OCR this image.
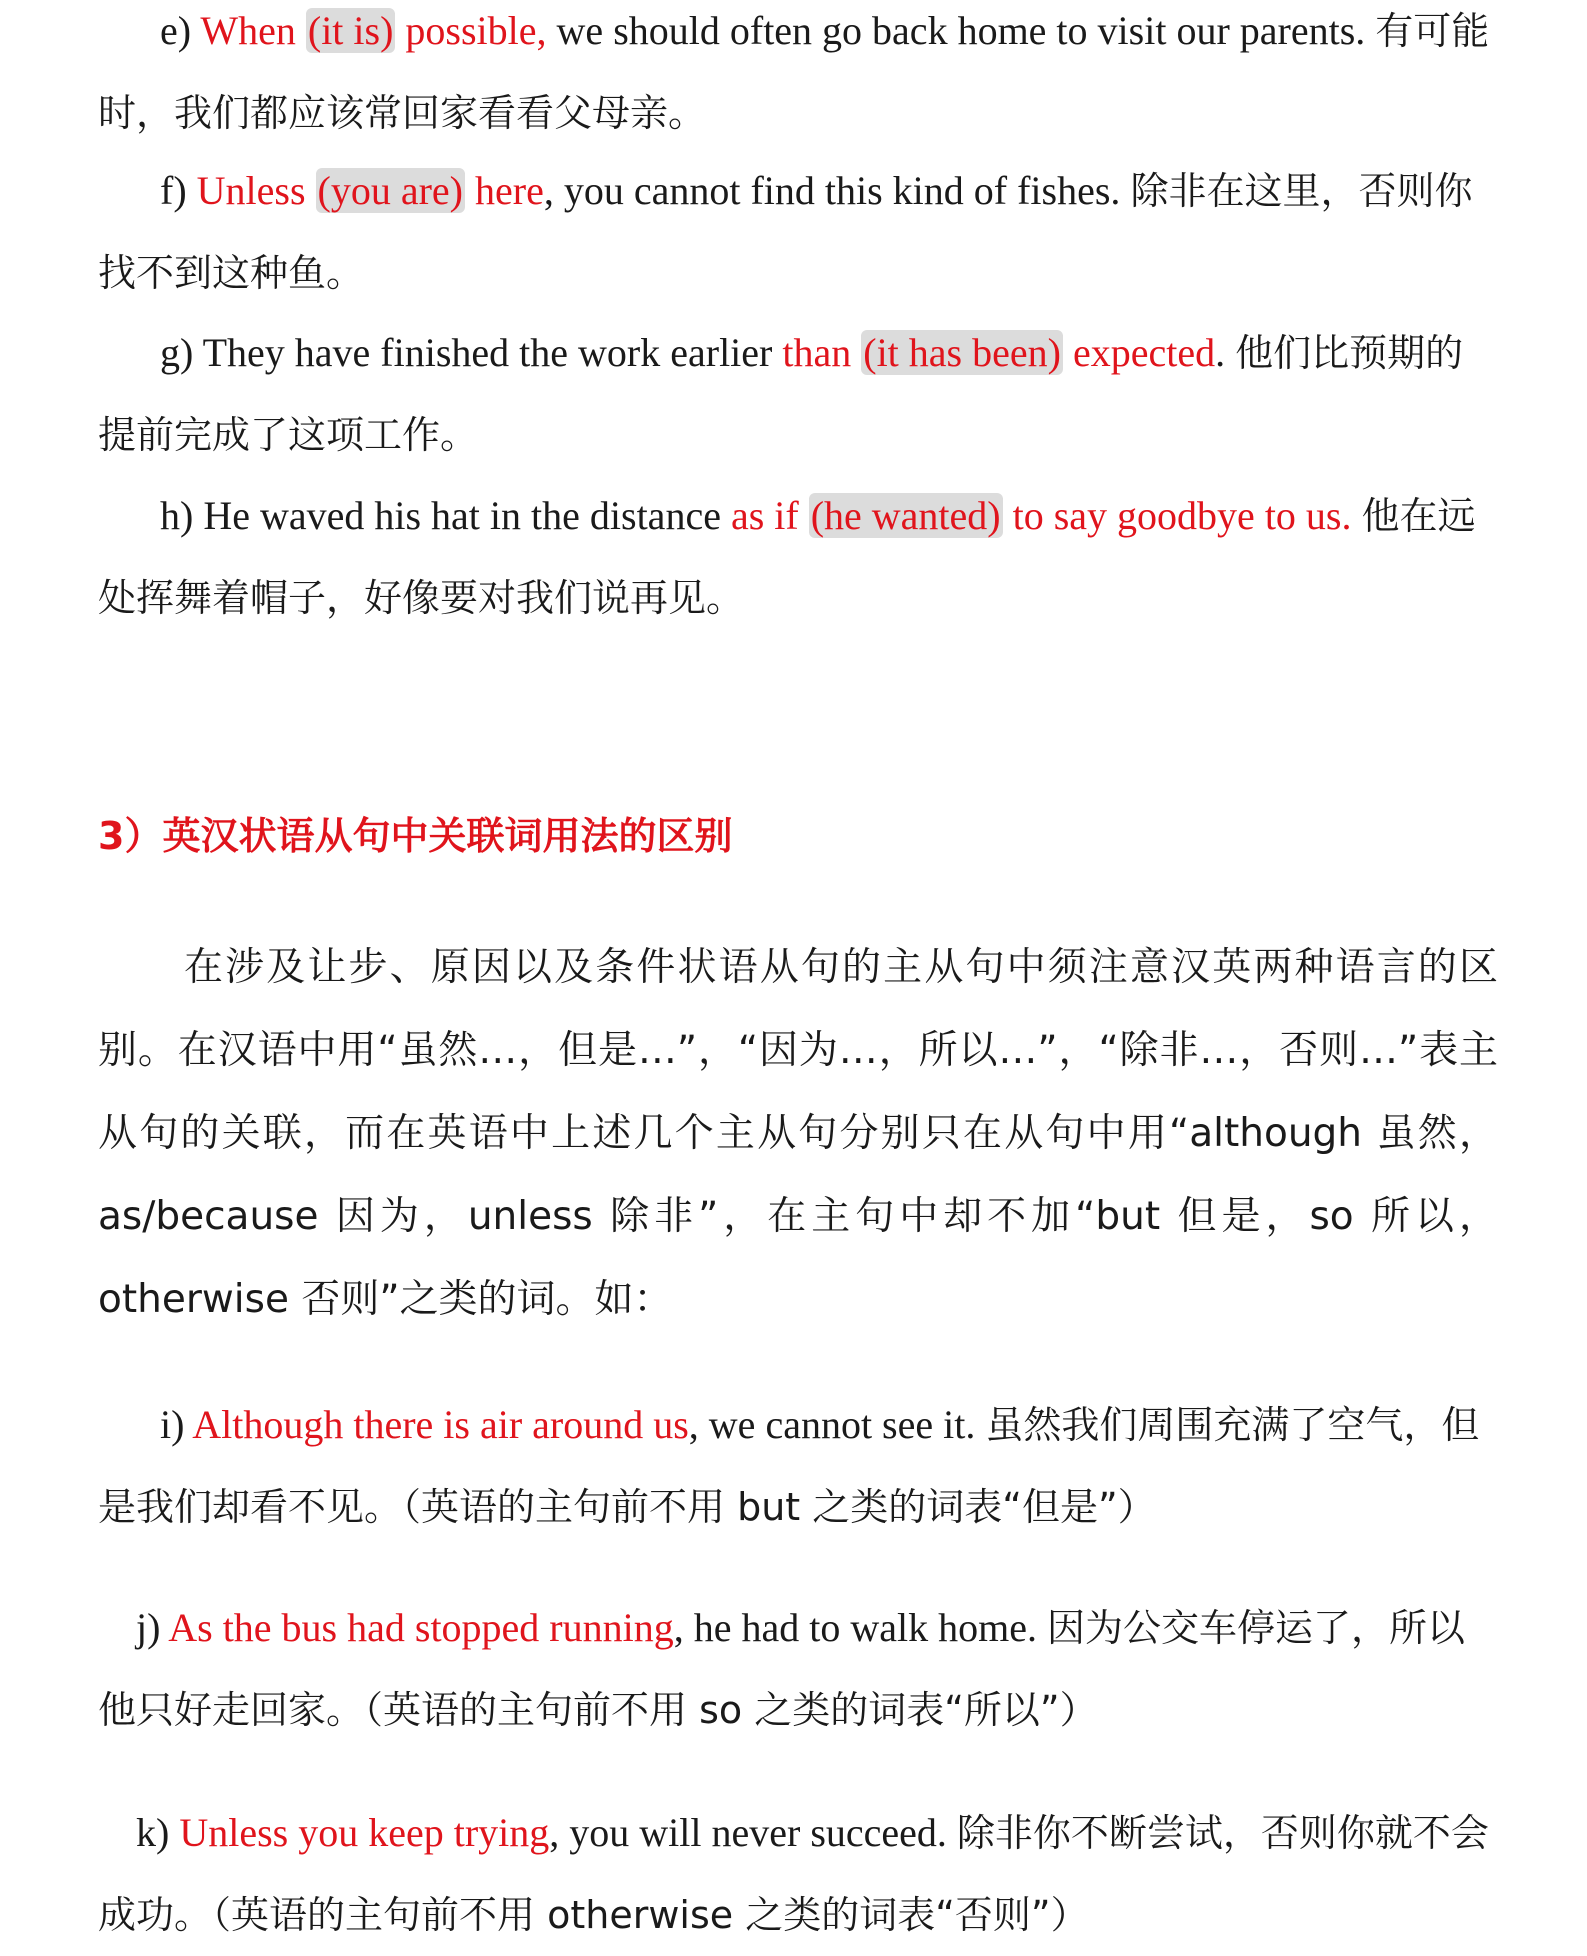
e) When (it is) possible, we should often go back home to visit our parents. 有可能时，我们都应该常回家看看父母亲。

f) Unless (you are) here, you cannot find this kind of fishes. 除非在这里，否则你找不到这种鱼。

g) They have finished the work earlier than (it has been) expected. 他们比预期的提前完成了这项工作。

h) He waved his hat in the distance as if (he wanted) to say goodbye to us. 他在远处挥舞着帽子，好像要对我们说再见。

3）英汉状语从句中关联词用法的区别

在涉及让步、原因以及条件状语从句的主从句中须注意汉英两种语言的区别。在汉语中用“虽然…，但是…”，“因为…，所以…”，“除非…，否则…”表主从句的关联，而在英语中上述几个主从句分别只在从句中用“although 虽然，as/because 因为，unless 除非”，在主句中却不加“but 但是，so 所以，otherwise 否则”之类的词。如：

i) Although there is air around us, we cannot see it. 虽然我们周围充满了空气，但是我们却看不见。（英语的主句前不用 but 之类的词表“但是”）

j) As the bus had stopped running, he had to walk home. 因为公交车停运了，所以他只好走回家。（英语的主句前不用 so 之类的词表“所以”）

k) Unless you keep trying, you will never succeed. 除非你不断尝试，否则你就不会成功。（英语的主句前不用 otherwise 之类的词表“否则”）
